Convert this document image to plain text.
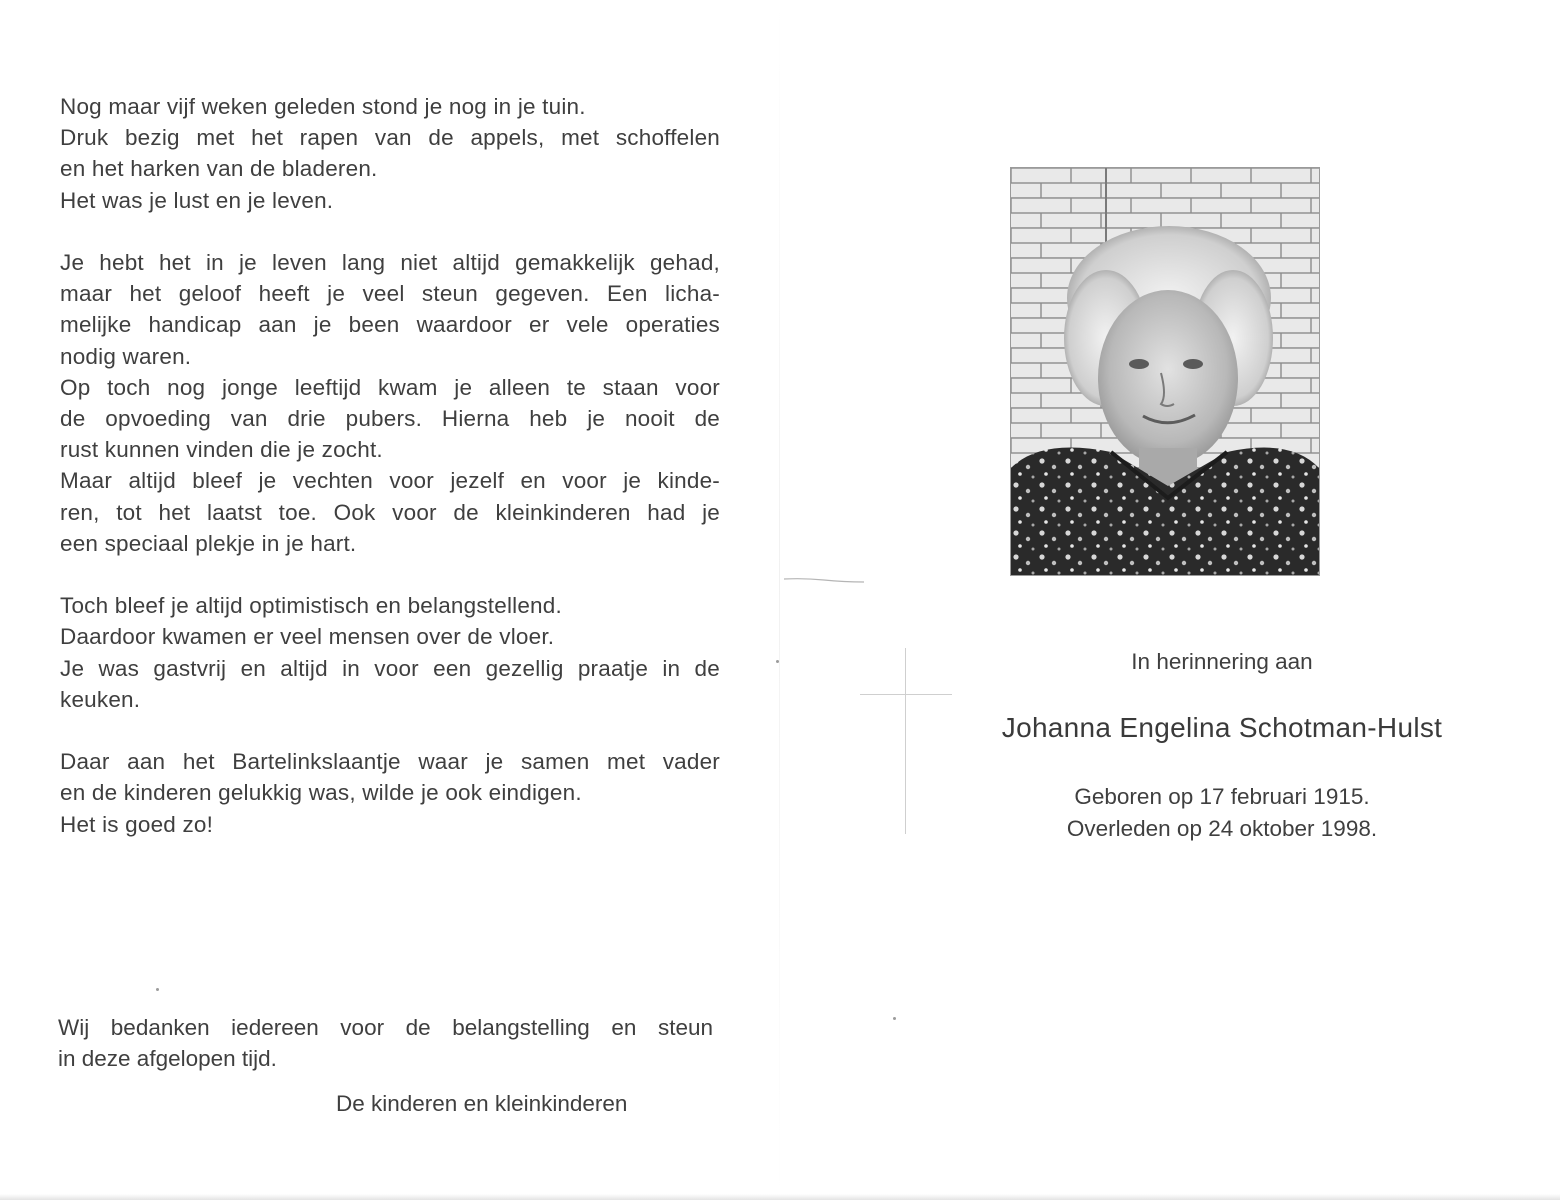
Nog maar vijf weken geleden stond je nog in je tuin.
Druk bezig met het rapen van de appels, met schoffelen
en het harken van de bladeren.
Het was je lust en je leven.
Je hebt het in je leven lang niet altijd gemakkelijk gehad,
maar het geloof heeft je veel steun gegeven. Een licha-
melijke handicap aan je been waardoor er vele operaties
nodig waren.
Op toch nog jonge leeftijd kwam je alleen te staan voor
de opvoeding van drie pubers. Hierna heb je nooit de
rust kunnen vinden die je zocht.
Maar altijd bleef je vechten voor jezelf en voor je kinde-
ren, tot het laatst toe. Ook voor de kleinkinderen had je
een speciaal plekje in je hart.
Toch bleef je altijd optimistisch en belangstellend.
Daardoor kwamen er veel mensen over de vloer.
Je was gastvrij en altijd in voor een gezellig praatje in de
keuken.
Daar aan het Bartelinkslaantje waar je samen met vader
en de kinderen gelukkig was, wilde je ook eindigen.
Het is goed zo!
Wij bedanken iedereen voor de belangstelling en steun
in deze afgelopen tijd.
De kinderen en kleinkinderen
In herinnering aan
Johanna Engelina Schotman-Hulst
Geboren op 17 februari 1915.
Overleden op 24 oktober 1998.
